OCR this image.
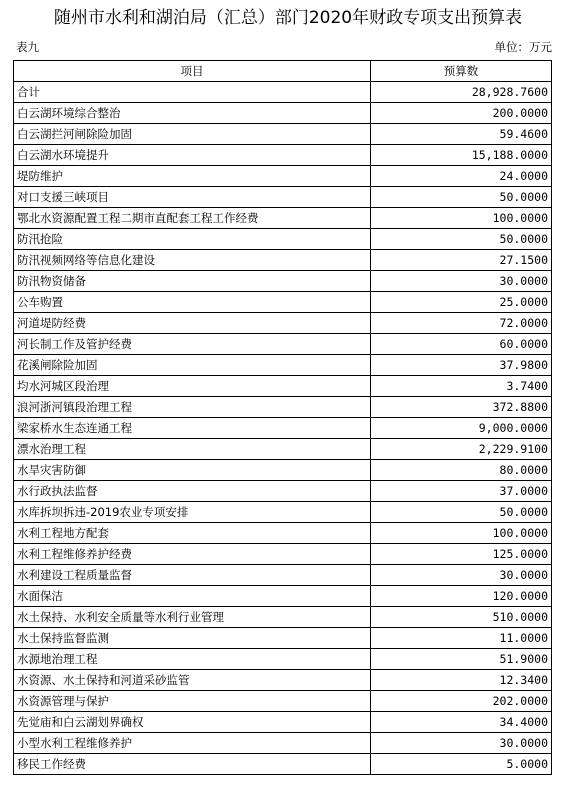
随州市水利和湖泊局（汇总）部门2020年财政专项支出预算表
表九	单位：万元
项目	预算数
合计	28,928.7600
白云湖环境综合整治	200.0000
白云湖拦河闸除险加固	59.4600
白云湖水环境提升	15,188.0000
堤防维护	24.0000
对口支援三峡项目	50.0000
鄂北水资源配置工程二期市直配套工程工作经费	100.0000
防汛抢险	50.0000
防汛视频网络等信息化建设	27.1500
防汛物资储备	30.0000
公车购置	25.0000
河道堤防经费	72.0000
河长制工作及管护经费	60.0000
花溪闸除险加固	37.9800
均水河城区段治理	3.7400
浪河浙河镇段治理工程	372.8800
梁家桥水生态连通工程	9,000.0000
漂水治理工程	2,229.9100
水旱灾害防御	80.0000
水行政执法监督	37.0000
水库拆坝拆违-2019农业专项安排	50.0000
水利工程地方配套	100.0000
水利工程维修养护经费	125.0000
水利建设工程质量监督	30.0000
水面保洁	120.0000
水土保持、水利安全质量等水利行业管理	510.0000
水土保持监督监测	11.0000
水源地治理工程	51.9000
水资源、水土保持和河道采砂监管	12.3400
水资源管理与保护	202.0000
先觉庙和白云湖划界确权	34.4000
小型水利工程维修养护	30.0000
移民工作经费	5.0000
